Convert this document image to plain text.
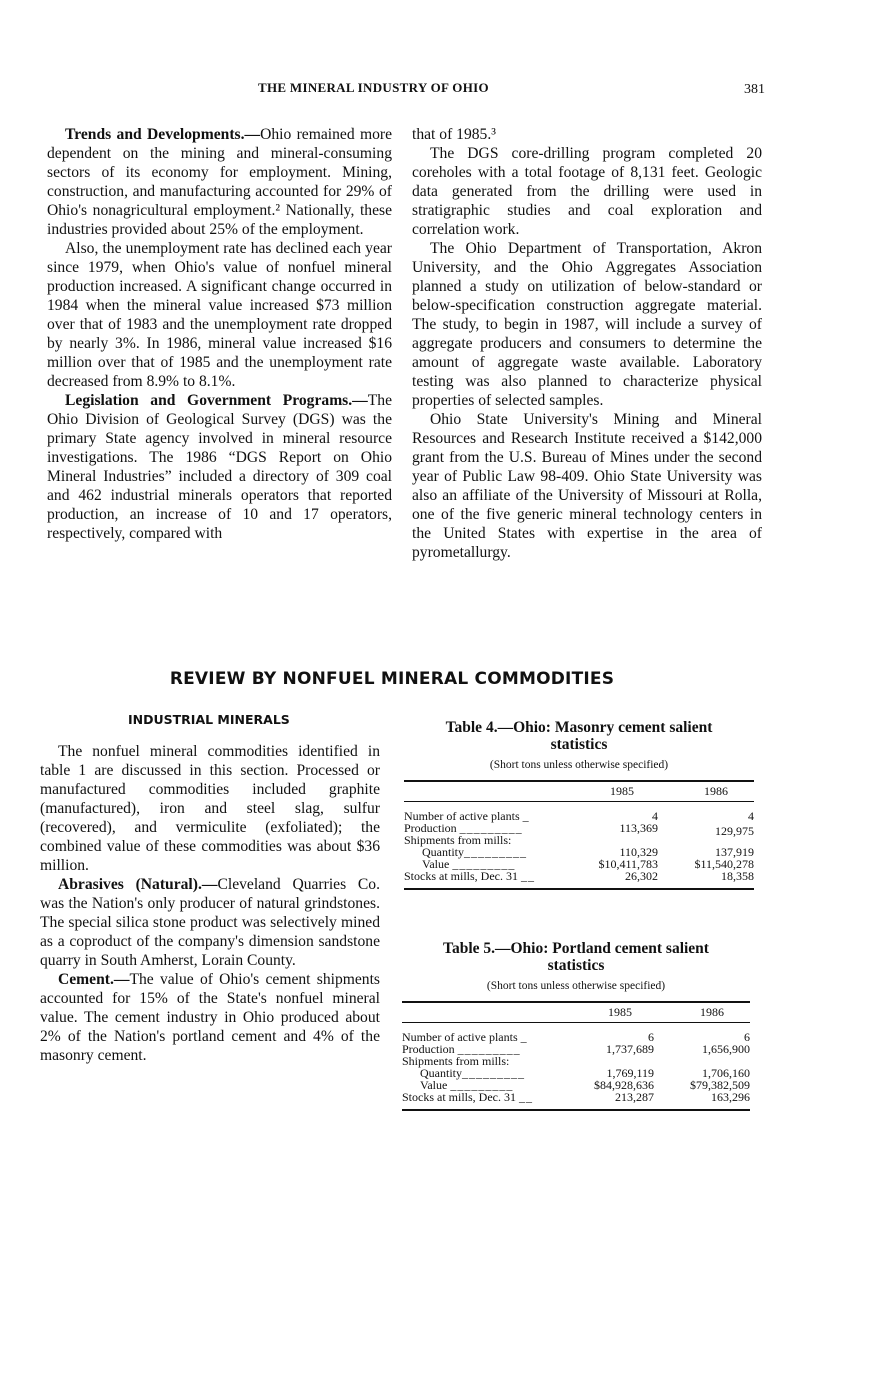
THE MINERAL INDUSTRY OF OHIO	381

Trends and Developments.—Ohio remained more dependent on the mining and mineral-consuming sectors of its economy for employment. Mining, construction, and manufacturing accounted for 29% of Ohio's nonagricultural employment.² Nationally, these industries provided about 25% of the employment.

Also, the unemployment rate has declined each year since 1979, when Ohio's value of nonfuel mineral production increased. A significant change occurred in 1984 when the mineral value increased $73 million over that of 1983 and the unemployment rate dropped by nearly 3%. In 1986, mineral value increased $16 million over that of 1985 and the unemployment rate decreased from 8.9% to 8.1%.

Legislation and Government Programs.—The Ohio Division of Geological Survey (DGS) was the primary State agency involved in mineral resource investigations. The 1986 “DGS Report on Ohio Mineral Industries” included a directory of 309 coal and 462 industrial minerals operators that reported production, an increase of 10 and 17 operators, respectively, compared with

that of 1985.³

The DGS core-drilling program completed 20 coreholes with a total footage of 8,131 feet. Geologic data generated from the drilling were used in stratigraphic studies and coal exploration and correlation work.

The Ohio Department of Transportation, Akron University, and the Ohio Aggregates Association planned a study on utilization of below-standard or below-specification construction aggregate material. The study, to begin in 1987, will include a survey of aggregate producers and consumers to determine the amount of aggregate waste available. Laboratory testing was also planned to characterize physical properties of selected samples.

Ohio State University's Mining and Mineral Resources and Research Institute received a $142,000 grant from the U.S. Bureau of Mines under the second year of Public Law 98-409. Ohio State University was also an affiliate of the University of Missouri at Rolla, one of the five generic mineral technology centers in the United States with expertise in the area of pyrometallurgy.

REVIEW BY NONFUEL MINERAL COMMODITIES
INDUSTRIAL MINERALS

The nonfuel mineral commodities identified in table 1 are discussed in this section. Processed or manufactured commodities included graphite (manufactured), iron and steel slag, sulfur (recovered), and vermiculite (exfoliated); the combined value of these commodities was about $36 million.

Abrasives (Natural).—Cleveland Quarries Co. was the Nation's only producer of natural grindstones. The special silica stone product was selectively mined as a coproduct of the company's dimension sandstone quarry in South Amherst, Lorain County.

Cement.—The value of Ohio's cement shipments accounted for 15% of the State's nonfuel mineral value. The cement industry in Ohio produced about 2% of the Nation's portland cement and 4% of the masonry cement.

Table 4.—Ohio: Masonry cement salient
statistics
(Short tons unless otherwise specified)
1985	1986
Number of active plants _	4	4
Production _________	113,369	129,975
Shipments from mills:
Quantity_________	110,329	137,919
Value _________	$10,411,783	$11,540,278
Stocks at mills, Dec. 31 __	26,302	18,358
Table 5.—Ohio: Portland cement salient
statistics
(Short tons unless otherwise specified)
1985	1986
Number of active plants _	6	6
Production _________	1,737,689	1,656,900
Shipments from mills:
Quantity_________	1,769,119	1,706,160
Value _________	$84,928,636	$79,382,509
Stocks at mills, Dec. 31 __	213,287	163,296
